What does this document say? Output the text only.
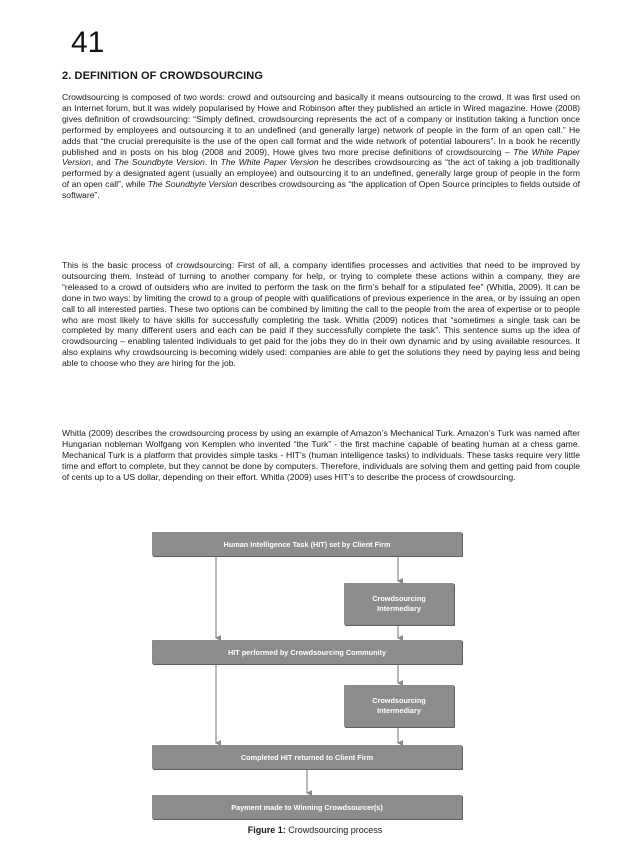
41
2. DEFINITION OF CROWDSOURCING

Crowdsourcing is composed of two words: crowd and outsourcing and basically it means outsourcing to the crowd. It was first used on an Internet forum, but it was widely popularised by Howe and Robinson after they published an article in Wired magazine. Howe (2008) gives definition of crowdsourcing: “Simply defined, crowdsourcing represents the act of a company or institution taking a function once performed by employees and outsourcing it to an undefined (and generally large) network of people in the form of an open call.” He adds that “the crucial prerequisite is the use of the open call format and the wide network of potential labourers”. In a book he recently published and in posts on his blog (2008 and 2009), Howe gives two more precise definitions of crowdsourcing – The White Paper Version, and The Soundbyte Version. In The White Paper Version he describes crowdsourcing as “the act of taking a job traditionally performed by a designated agent (usually an employee) and outsourcing it to an undefined, generally large group of people in the form of an open call”, while The Soundbyte Version describes crowdsourcing as “the application of Open Source principles to fields outside of software”.

This is the basic process of crowdsourcing: First of all, a company identifies processes and activities that need to be improved by outsourcing them. Instead of turning to another company for help, or trying to complete these actions within a company, they are “released to a crowd of outsiders who are invited to perform the task on the firm’s behalf for a stipulated fee” (Whitla, 2009). It can be done in two ways: by limiting the crowd to a group of people with qualifications of previous experience in the area, or by issuing an open call to all interested parties. These two options can be combined by limiting the call to the people from the area of expertise or to people who are most likely to have skills for successfully completing the task. Whitla (2009) notices that “sometimes a single task can be completed by many different users and each can be paid if they successfully complete the task”. This sentence sums up the idea of crowdsourcing – enabling talented individuals to get paid for the jobs they do in their own dynamic and by using available resources. It also explains why crowdsourcing is becoming widely used: companies are able to get the solutions they need by paying less and being able to choose who they are hiring for the job.

Whitla (2009) describes the crowdsourcing process by using an example of Amazon’s Mechanical Turk. Amazon’s Turk was named after Hungarian nobleman Wolfgang von Kemplen who invented “the Turk” - the first machine capable of beating human at a chess game. Mechanical Turk is a platform that provides simple tasks - HIT’s (human intelligence tasks) to individuals. These tasks require very little time and effort to complete, but they cannot be done by computers. Therefore, individuals are solving them and getting paid from couple of cents up to a US dollar, depending on their effort. Whitla (2009) uses HIT’s to describe the process of crowdsourcing.

Human Intelligence Task (HIT) set by Client Firm
Crowdsourcing
Intermediary
HIT performed by Crowdsourcing Community
Crowdsourcing
Intermediary
Completed HIT returned to Client Firm
Payment made to Winning Crowdsourcer(s)
Figure 1: Crowdsourcing process
